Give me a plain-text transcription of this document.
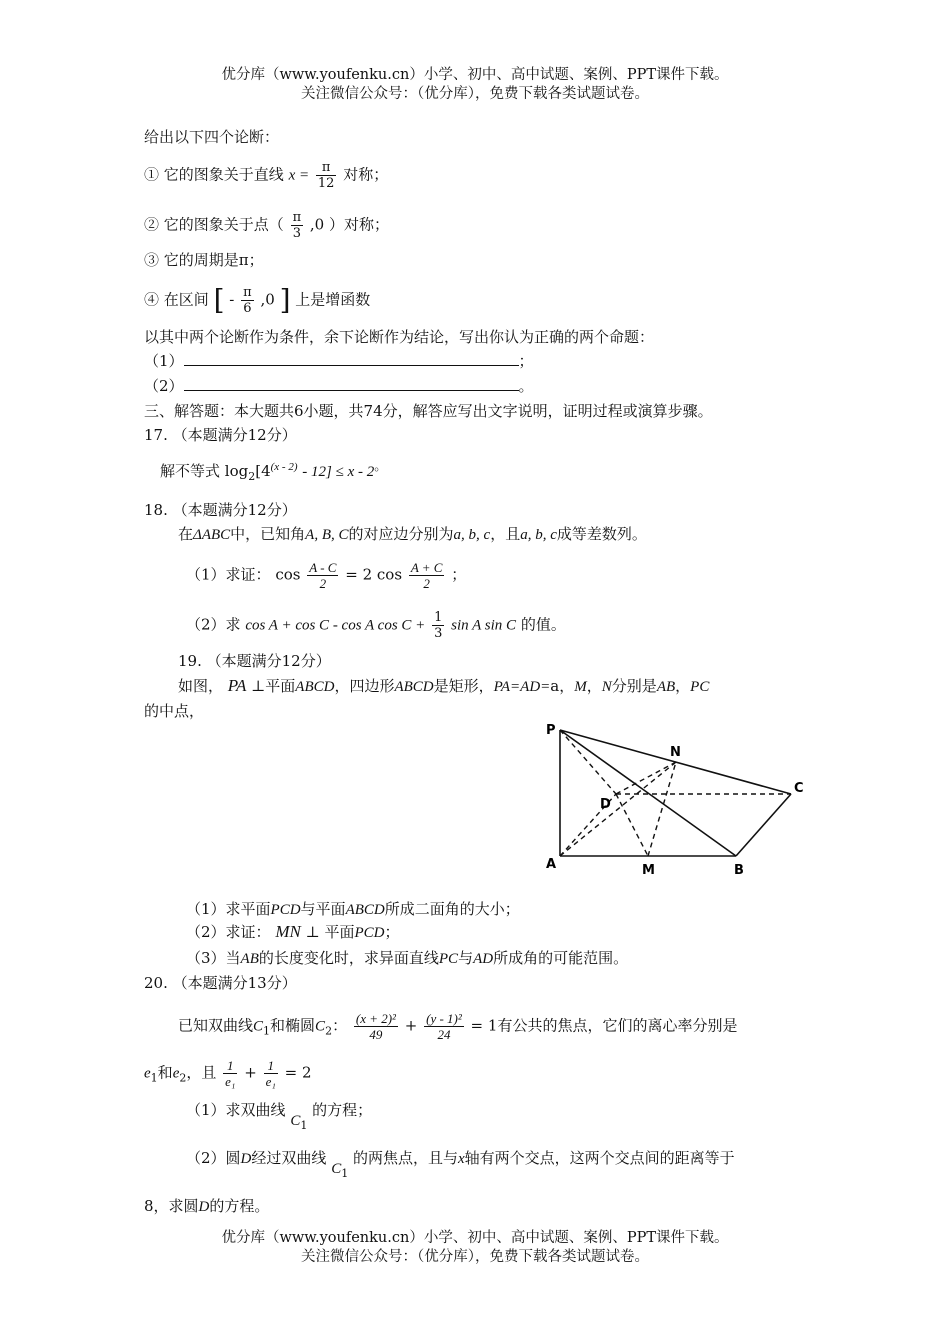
优分库（www.youfenku.cn）小学、初中、高中试题、案例、PPT课件下载。
关注微信公众号：（优分库），免费下载各类试题试卷。
给出以下四个论断：
① 它的图象关于直线 $x = \frac{\pi}{12}$ 对称；
② 它的图象关于点（ $\frac{\pi}{3} ,0$ ）对称；
③ 它的周期是π；
④ 在区间 [ - $\frac{\pi}{6} ,0$ ] 上是增函数
以其中两个论断作为条件，余下论断作为结论，写出你认为正确的两个命题：
（1）	；
（2）	。
三、解答题：本大题共6小题，共74分，解答应写出文字说明，证明过程或演算步骤。
17. （本题满分12分）
解不等式 $\log_2[4^{(x - 2)} - 12] \le x - 2^。$
18. （本题满分12分）
在ΔABC中，已知角A, B, C的对应边分别为a, b, c，且a, b, c成等差数列。
（1）求证： $\cos \frac{A - C}{2} = 2$ $\cos \frac{A + C}{2}$ ；
（2）求 cos A + cos C - cos A $\cos C + \frac{1}{3}$ sin A sin C 的值。
19. （本题满分12分）
如图， PA ⊥平面ABCD，四边形ABCD是矩形，PA=AD=a，M，N分别是AB，PC
的中点，
P
N
C
D
A	M	B
（1）求平面PCD与平面ABCD所成二面角的大小；
（2）求证： MN ⊥ 平面PCD；
（3）当AB的长度变化时，求异面直线PC与AD所成角的可能范围。
20. （本题满分13分）
已知双曲线$C_1$和椭圆$C_2$： $\frac{\text{(x + 2)²}}{49} + \frac{\text{(y - 1)²}}{24} = 1$有公共的焦点，它们的离心率分别是
$e_1$和$e_2$，且 $\frac{1}{\text{e₁}} + \frac{1}{\text{e₁}} = 2$
（1）求双曲线 $C_1$ 的方程；
（2）圆D经过双曲线 $C_1$ 的两焦点，且与x轴有两个交点，这两个交点间的距离等于
8，求圆D的方程。
优分库（www.youfenku.cn）小学、初中、高中试题、案例、PPT课件下载。
关注微信公众号：（优分库），免费下载各类试题试卷。
